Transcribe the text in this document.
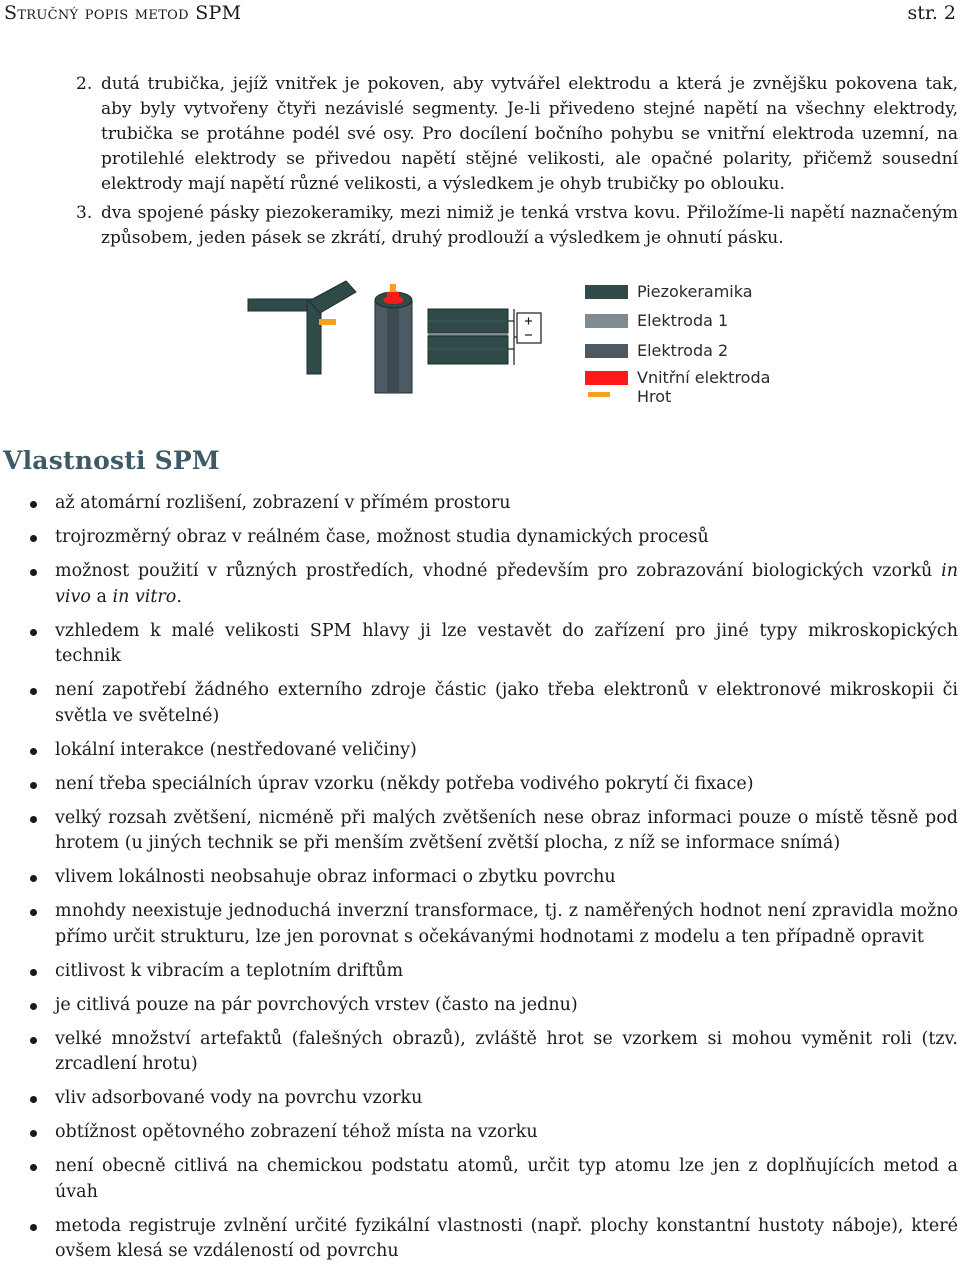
Stručný popis metod SPM	str. 2
2. dutá trubička, jejíž vnitřek je pokoven, aby vytvářel elektrodu a která je zvnějšku pokovena tak, aby byly vytvořeny čtyři nezávislé segmenty. Je-li přivedeno stejné napětí na všechny elektrody, trubička se protáhne podél své osy. Pro docílení bočního pohybu se vnitřní elektroda uzemní, na protilehlé elektrody se přivedou napětí stějné velikosti, ale opačné polarity, přičemž sousední elektrody mají napětí různé velikosti, a výsledkem je ohyb trubičky po oblouku.
3. dva spojené pásky piezokeramiky, mezi nimiž je tenká vrstva kovu. Přiložíme-li napětí naznačeným způsobem, jeden pásek se zkrátí, druhý prodlouží a výsledkem je ohnutí pásku.
Piezokeramika
Elektroda 1
Elektroda 2
Vnitřní elektroda
Hrot
Vlastnosti SPM
až atomární rozlišení, zobrazení v přímém prostoru
trojrozměrný obraz v reálném čase, možnost studia dynamických procesů
možnost použití v různých prostředích, vhodné především pro zobrazování biologických vzorků in vivo a in vitro.
vzhledem k malé velikosti SPM hlavy ji lze vestavět do zařízení pro jiné typy mikroskopických technik
není zapotřebí žádného externího zdroje částic (jako třeba elektronů v elektronové mikroskopii či světla ve světelné)
lokální interakce (nestředované veličiny)
není třeba speciálních úprav vzorku (někdy potřeba vodivého pokrytí či fixace)
velký rozsah zvětšení, nicméně při malých zvětšeních nese obraz informaci pouze o místě těsně pod hrotem (u jiných technik se při menším zvětšení zvětší plocha, z níž se informace snímá)
vlivem lokálnosti neobsahuje obraz informaci o zbytku povrchu
mnohdy neexistuje jednoduchá inverzní transformace, tj. z naměřených hodnot není zpravidla možno přímo určit strukturu, lze jen porovnat s očekávanými hodnotami z modelu a ten případně opravit
citlivost k vibracím a teplotním driftům
je citlivá pouze na pár povrchových vrstev (často na jednu)
velké množství artefaktů (falešných obrazů), zvláště hrot se vzorkem si mohou vyměnit roli (tzv. zrcadlení hrotu)
vliv adsorbované vody na povrchu vzorku
obtížnost opětovného zobrazení téhož místa na vzorku
není obecně citlivá na chemickou podstatu atomů, určit typ atomu lze jen z doplňujících metod a úvah
metoda registruje zvlnění určité fyzikální vlastnosti (např. plochy konstantní hustoty náboje), které ovšem klesá se vzdáleností od povrchu
